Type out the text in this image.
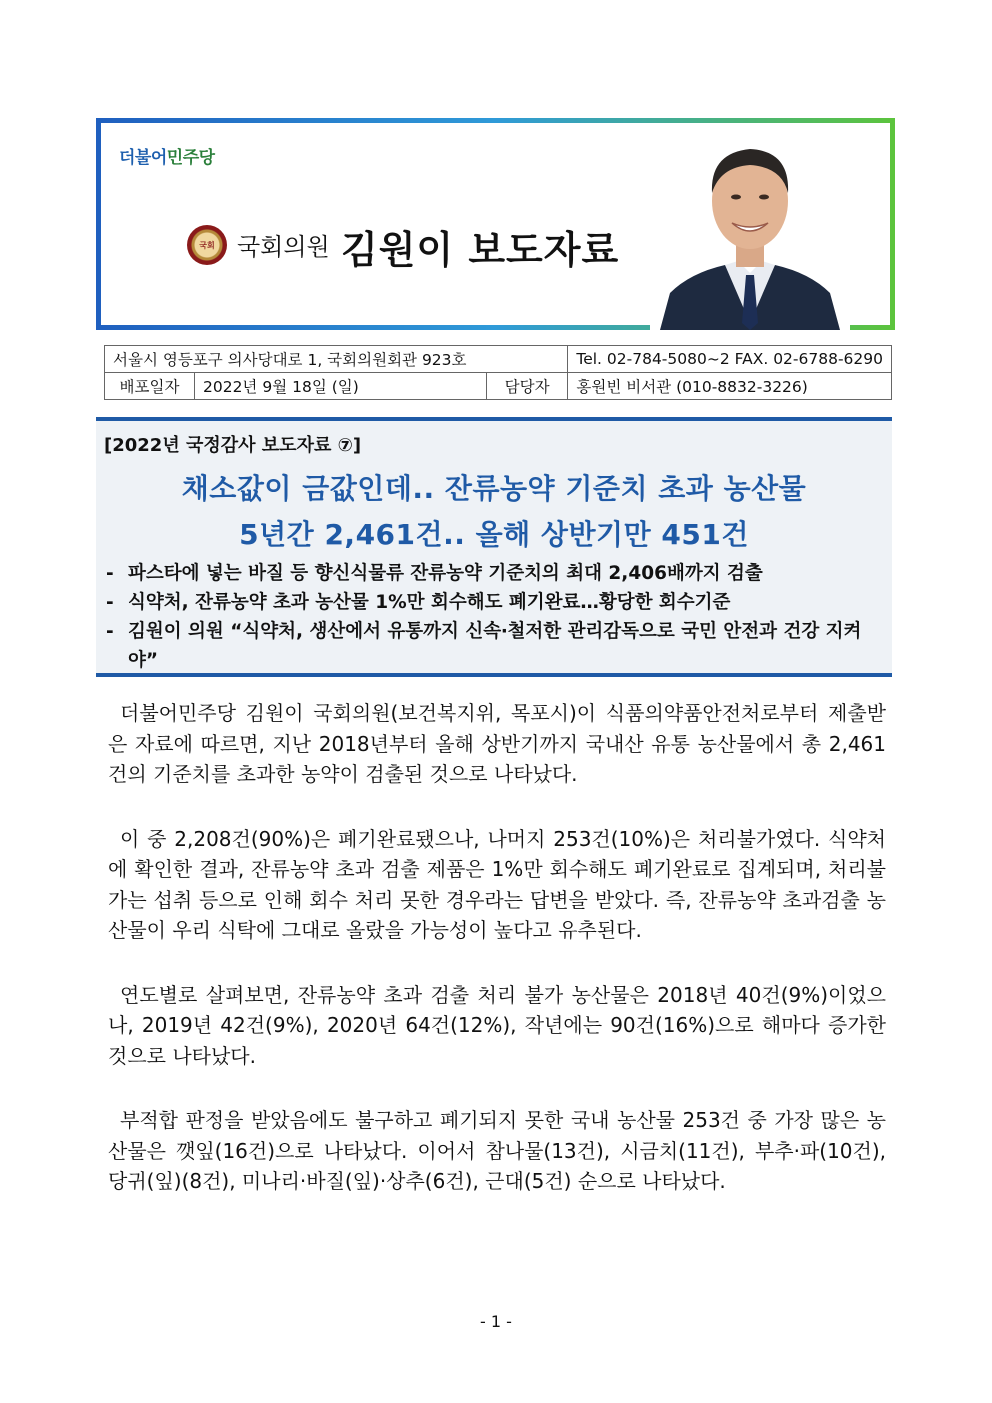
더불어민주당
국회 국회의원 김원이 보도자료
서울시 영등포구 의사당대로 1, 국회의원회관 923호			Tel. 02-784-5080~2 FAX. 02-6788-6290
배포일자	2022년 9월 18일 (일)	담당자	홍원빈 비서관 (010-8832-3226)
[2022년 국정감사 보도자료 ⑦]
채소값이 금값인데.. 잔류농약 기준치 초과 농산물
5년간 2,461건.. 올해 상반기만 451건
- 파스타에 넣는 바질 등 향신식물류 잔류농약 기준치의 최대 2,406배까지 검출
- 식약처, 잔류농약 초과 농산물 1%만 회수해도 폐기완료…황당한 회수기준
- 김원이 의원 “식약처, 생산에서 유통까지 신속‧철저한 관리감독으로 국민 안전과 건강 지켜야”

더불어민주당 김원이 국회의원(보건복지위, 목포시)이 식품의약품안전처로부터 제출받은 자료에 따르면, 지난 2018년부터 올해 상반기까지 국내산 유통 농산물에서 총 2,461건의 기준치를 초과한 농약이 검출된 것으로 나타났다.

이 중 2,208건(90%)은 폐기완료됐으나, 나머지 253건(10%)은 처리불가였다. 식약처에 확인한 결과, 잔류농약 초과 검출 제품은 1%만 회수해도 폐기완료로 집계되며, 처리불가는 섭취 등으로 인해 회수 처리 못한 경우라는 답변을 받았다. 즉, 잔류농약 초과검출 농산물이 우리 식탁에 그대로 올랐을 가능성이 높다고 유추된다.

연도별로 살펴보면, 잔류농약 초과 검출 처리 불가 농산물은 2018년 40건(9%)이었으나, 2019년 42건(9%), 2020년 64건(12%), 작년에는 90건(16%)으로 해마다 증가한 것으로 나타났다.

부적합 판정을 받았음에도 불구하고 폐기되지 못한 국내 농산물 253건 중 가장 많은 농산물은 깻잎(16건)으로 나타났다. 이어서 참나물(13건), 시금치(11건), 부추·파(10건), 당귀(잎)(8건), 미나리·바질(잎)·상추(6건), 근대(5건) 순으로 나타났다.

- 1 -
